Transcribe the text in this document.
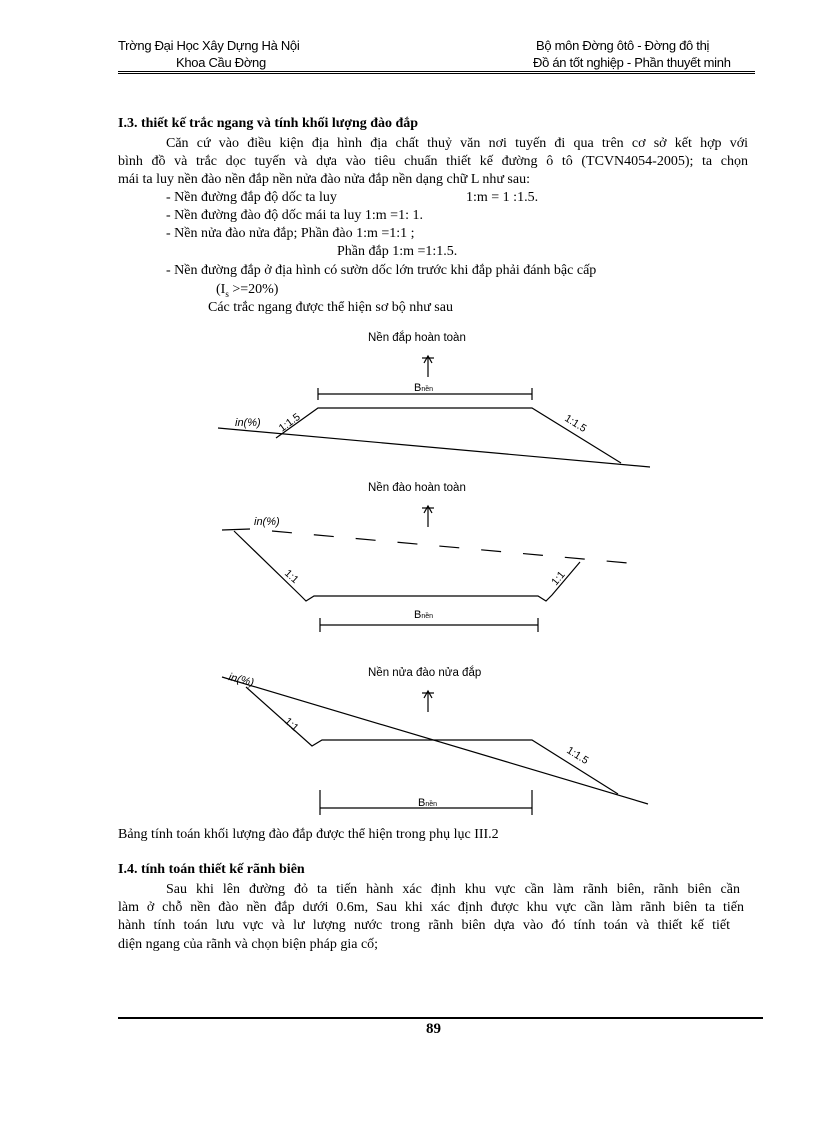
Trờng Đại Học Xây Dựng Hà Nội
Khoa Cầu Đờng
Bộ môn Đờng ôtô - Đờng đô thị
Đồ án tốt nghiệp - Phần thuyết minh
I.3. thiết kế trắc ngang và tính khối lượng đào đắp
Căn cứ vào điều kiện địa hình địa chất thuỷ văn nơi tuyến đi qua trên cơ sở kết hợp với
bình đồ và trắc dọc tuyến và dựa vào tiêu chuẩn thiết kế đường ô tô (TCVN4054-2005); ta chọn
mái ta luy nền đào nền đắp nền nửa đào nửa đắp nền dạng chữ L như sau:
- Nền đường đắp độ dốc ta luy	1:m = 1 :1.5.
- Nền đường đào độ dốc mái ta luy 1:m =1: 1.
- Nền nửa đào nửa đắp; Phần đào 1:m =1:1 ;
Phần đắp 1:m =1:1.5.
- Nền đường đắp ở địa hình có sườn dốc lớn trước khi đắp phải đánh bậc cấp
$(I_s >=20\%)$
Các trắc ngang được thể hiện sơ bộ như sau
Nền đắp hoàn toàn
Bnền
in(%) 1:1.5	1:1.5
Nền đào hoàn toàn
in(%)
1:1	1:1
Bnền
Nền nửa đào nửa đắp
in(%)
1:1
1:1.5
Bnền
Bảng tính toán khối lượng đào đắp được thể hiện trong phụ lục III.2
I.4. tính toán thiết kế rãnh biên
Sau khi lên đường đỏ ta tiến hành xác định khu vực cần làm rãnh biên, rãnh biên cần
làm ở chỗ nền đào nền đắp dưới 0.6m, Sau khi xác định được khu vực cần làm rãnh biên ta tiến
hành tính toán lưu vực và lư lượng nước trong rãnh biên dựa vào đó tính toán và thiết kế tiết
diện ngang của rãnh và chọn biện pháp gia cố;
89
